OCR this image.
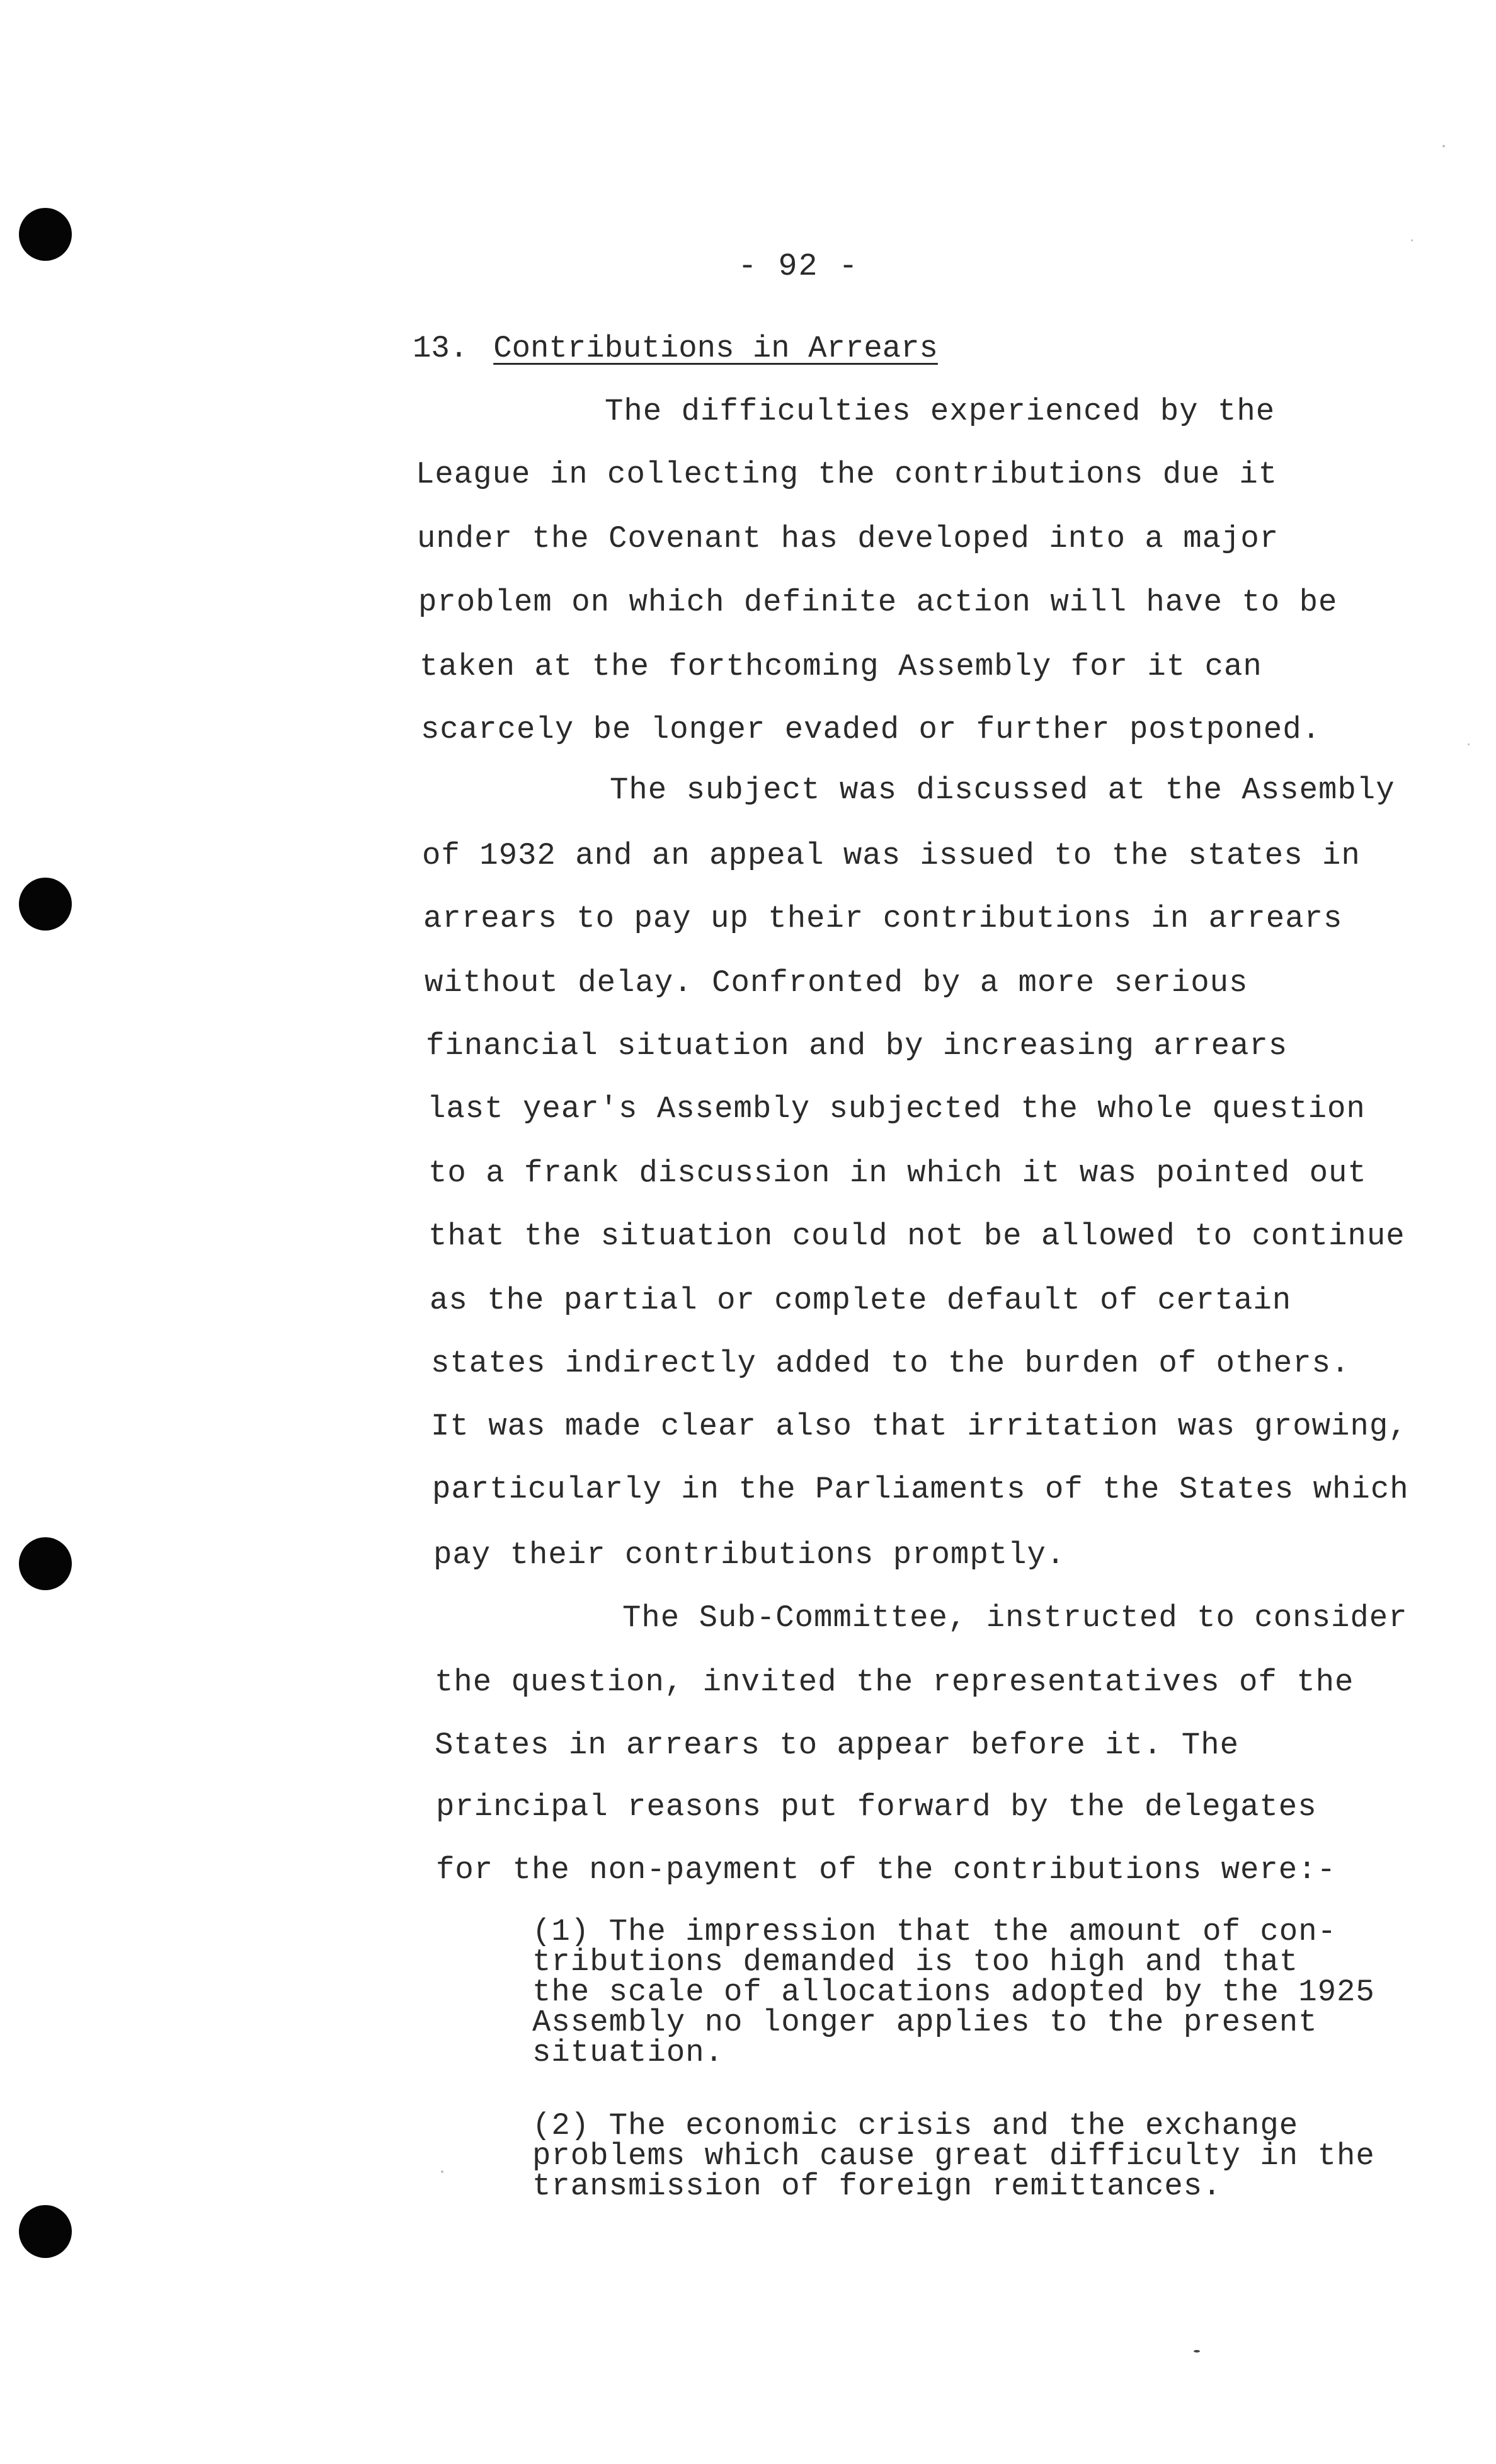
- 92 -
13. Contributions in Arrears
The difficulties experienced by the
League in collecting the contributions due it
under the Covenant has developed into a major
problem on which definite action will have to be
taken at the forthcoming Assembly for it can
scarcely be longer evaded or further postponed.
The subject was discussed at the Assembly
of 1932 and an appeal was issued to the states in
arrears to pay up their contributions in arrears
without delay. Confronted by a more serious
financial situation and by increasing arrears
last year's Assembly subjected the whole question
to a frank discussion in which it was pointed out
that the situation could not be allowed to continue
as the partial or complete default of certain
states indirectly added to the burden of others.
It was made clear also that irritation was growing,
particularly in the Parliaments of the States which
pay their contributions promptly.
The Sub-Committee, instructed to consider
the question, invited the representatives of the
States in arrears to appear before it. The
principal reasons put forward by the delegates
for the non-payment of the contributions were:-
(1) The impression that the amount of con-
tributions demanded is too high and that
the scale of allocations adopted by the 1925
Assembly no longer applies to the present
situation.
(2) The economic crisis and the exchange
problems which cause great difficulty in the
transmission of foreign remittances.
